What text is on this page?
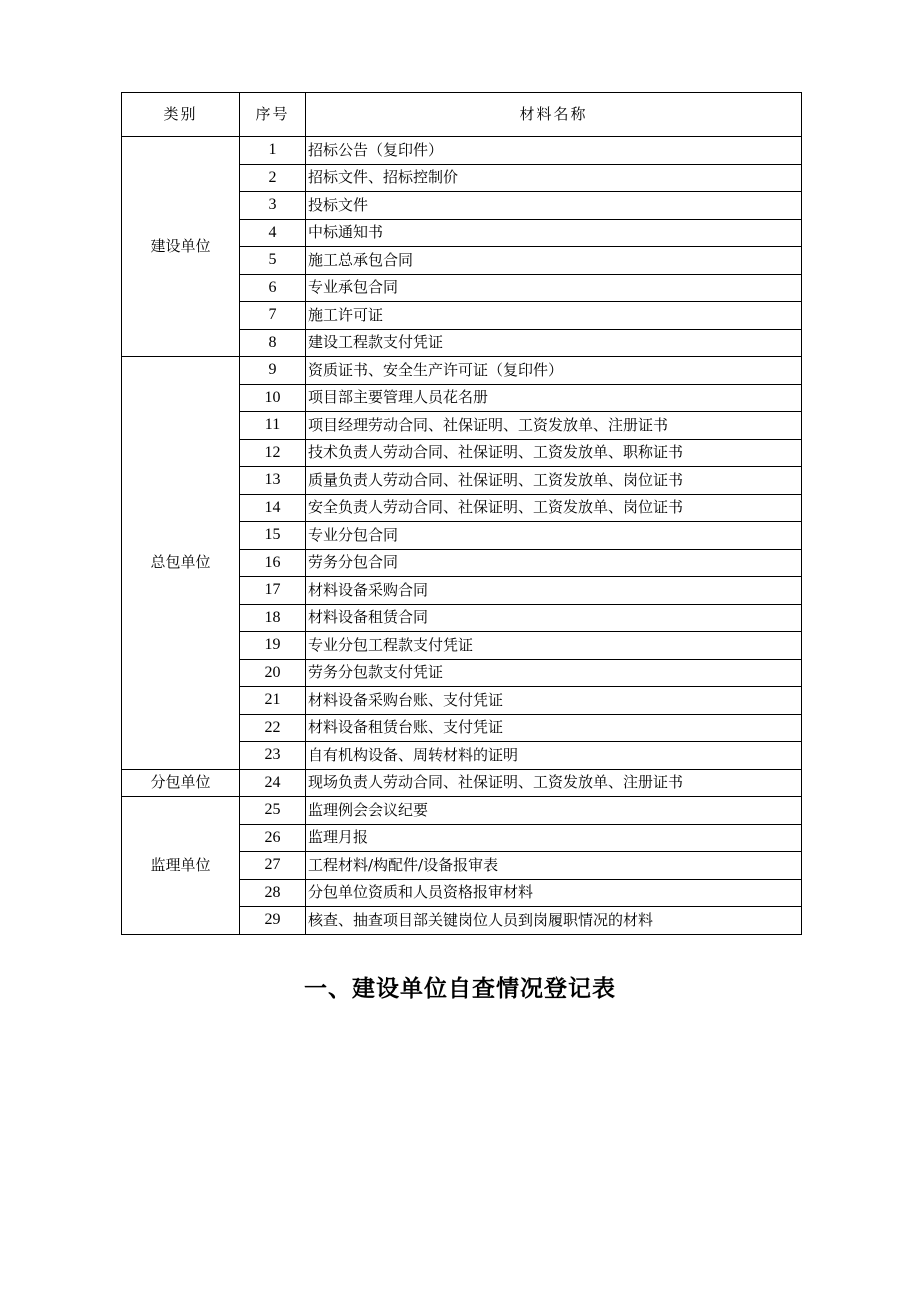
类别	序号	材料名称
建设单位	1	招标公告（复印件）
	2	招标文件、招标控制价
	3	投标文件
	4	中标通知书
	5	施工总承包合同
	6	专业承包合同
	7	施工许可证
	8	建设工程款支付凭证
总包单位	9	资质证书、安全生产许可证（复印件）
	10	项目部主要管理人员花名册
	11	项目经理劳动合同、社保证明、工资发放单、注册证书
	12	技术负责人劳动合同、社保证明、工资发放单、职称证书
	13	质量负责人劳动合同、社保证明、工资发放单、岗位证书
	14	安全负责人劳动合同、社保证明、工资发放单、岗位证书
	15	专业分包合同
	16	劳务分包合同
	17	材料设备采购合同
	18	材料设备租赁合同
	19	专业分包工程款支付凭证
	20	劳务分包款支付凭证
	21	材料设备采购台账、支付凭证
	22	材料设备租赁台账、支付凭证
	23	自有机构设备、周转材料的证明
分包单位	24	现场负责人劳动合同、社保证明、工资发放单、注册证书
监理单位	25	监理例会会议纪要
	26	监理月报
	27	工程材料/构配件/设备报审表
	28	分包单位资质和人员资格报审材料
	29	核查、抽查项目部关键岗位人员到岗履职情况的材料
一、建设单位自查情况登记表
